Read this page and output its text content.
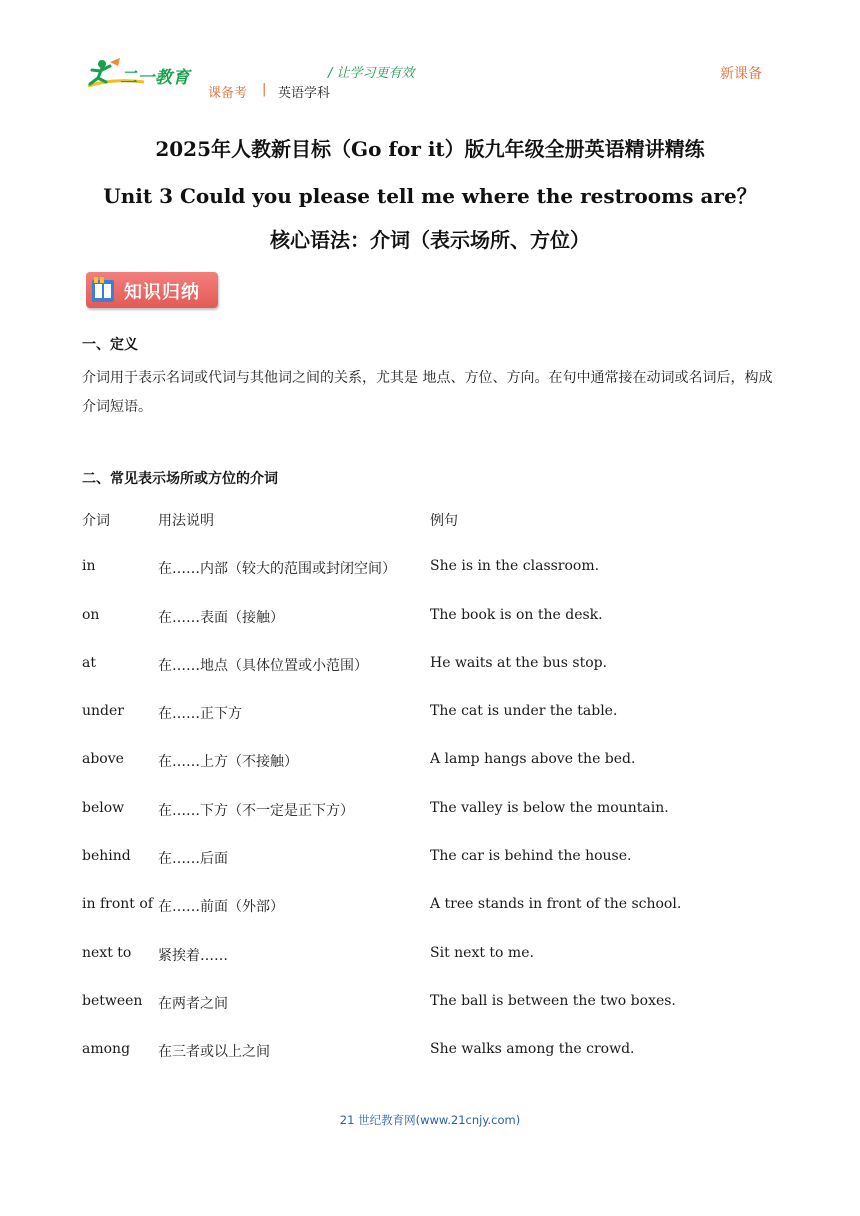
二一教育	/ 让学习更有效
课备考 | 英语学科
新课备
2025年人教新目标（Go for it）版九年级全册英语精讲精练
Unit 3 Could you please tell me where the restrooms are？
核心语法：介词（表示场所、方位）
知识归纳
一、定义
介词用于表示名词或代词与其他词之间的关系，尤其是 地点、方位、方向。在句中通常接在动词或名词后，构成介词短语。
二、常见表示场所或方位的介词
介词	用法说明	例句
in	在……内部（较大的范围或封闭空间） She is in the classroom.
on	在……表面（接触）	The book is on the desk.
at	在……地点（具体位置或小范围）	He waits at the bus stop.
under 在……正下方	The cat is under the table.
above 在……上方（不接触）	A lamp hangs above the bed.
below 在……下方（不一定是正下方）	The valley is below the mountain.
behind 在……后面	The car is behind the house.
in front of 在……前面（外部）	A tree stands in front of the school.
next to 紧挨着……	Sit next to me.
between 在两者之间	The ball is between the two boxes.
among 在三者或以上之间	She walks among the crowd.
21 世纪教育网(www.21cnjy.com)
